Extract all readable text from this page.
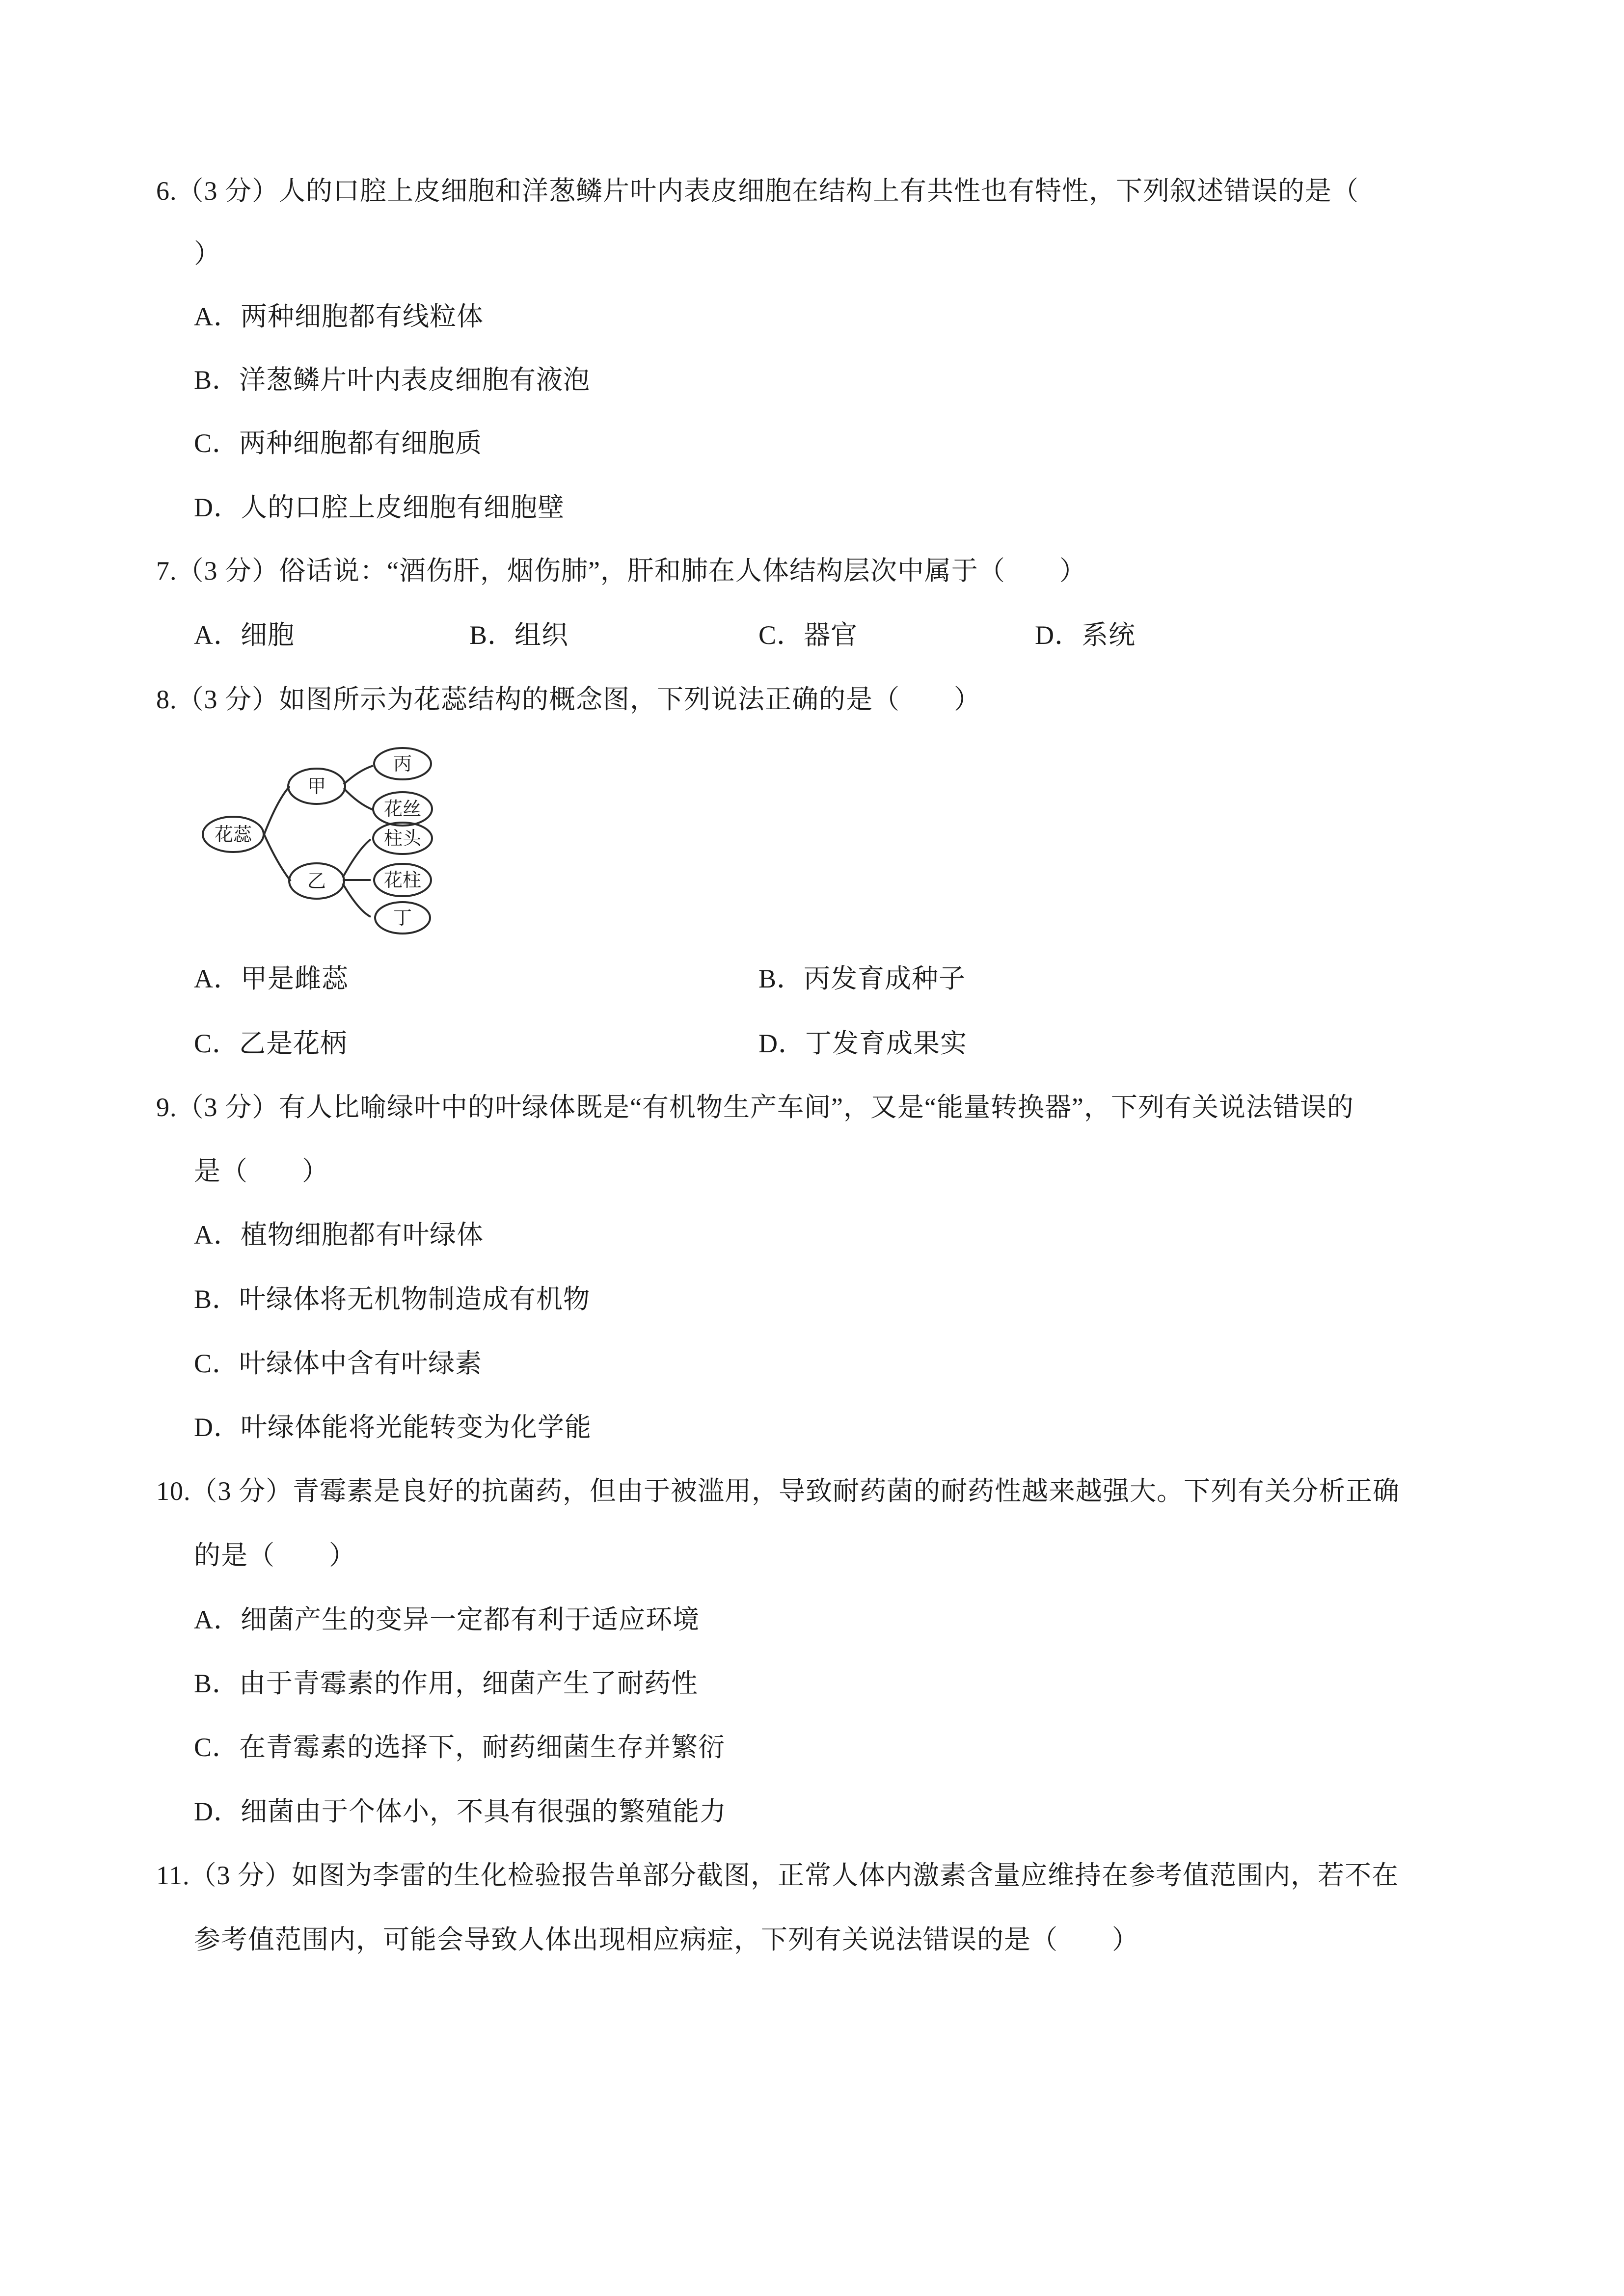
6.（3 分）人的口腔上皮细胞和洋葱鳞片叶内表皮细胞在结构上有共性也有特性，下列叙述错误的是（
）
A．两种细胞都有线粒体
B．洋葱鳞片叶内表皮细胞有液泡
C．两种细胞都有细胞质
D．人的口腔上皮细胞有细胞壁
7.（3 分）俗话说：“酒伤肝，烟伤肺”，肝和肺在人体结构层次中属于（　　）
A．细胞	B．组织	C．器官	D．系统
8.（3 分）如图所示为花蕊结构的概念图，下列说法正确的是（　　）
花蕊
甲
乙
丙
花丝
柱头
花柱
丁
A．甲是雌蕊	B．丙发育成种子
C．乙是花柄	D．丁发育成果实
9.（3 分）有人比喻绿叶中的叶绿体既是“有机物生产车间”，又是“能量转换器”，下列有关说法错误的
是（　　）
A．植物细胞都有叶绿体
B．叶绿体将无机物制造成有机物
C．叶绿体中含有叶绿素
D．叶绿体能将光能转变为化学能
10.（3 分）青霉素是良好的抗菌药，但由于被滥用，导致耐药菌的耐药性越来越强大。下列有关分析正确
的是（　　）
A．细菌产生的变异一定都有利于适应环境
B．由于青霉素的作用，细菌产生了耐药性
C．在青霉素的选择下，耐药细菌生存并繁衍
D．细菌由于个体小，不具有很强的繁殖能力
11.（3 分）如图为李雷的生化检验报告单部分截图，正常人体内激素含量应维持在参考值范围内，若不在
参考值范围内，可能会导致人体出现相应病症，下列有关说法错误的是（　　）
